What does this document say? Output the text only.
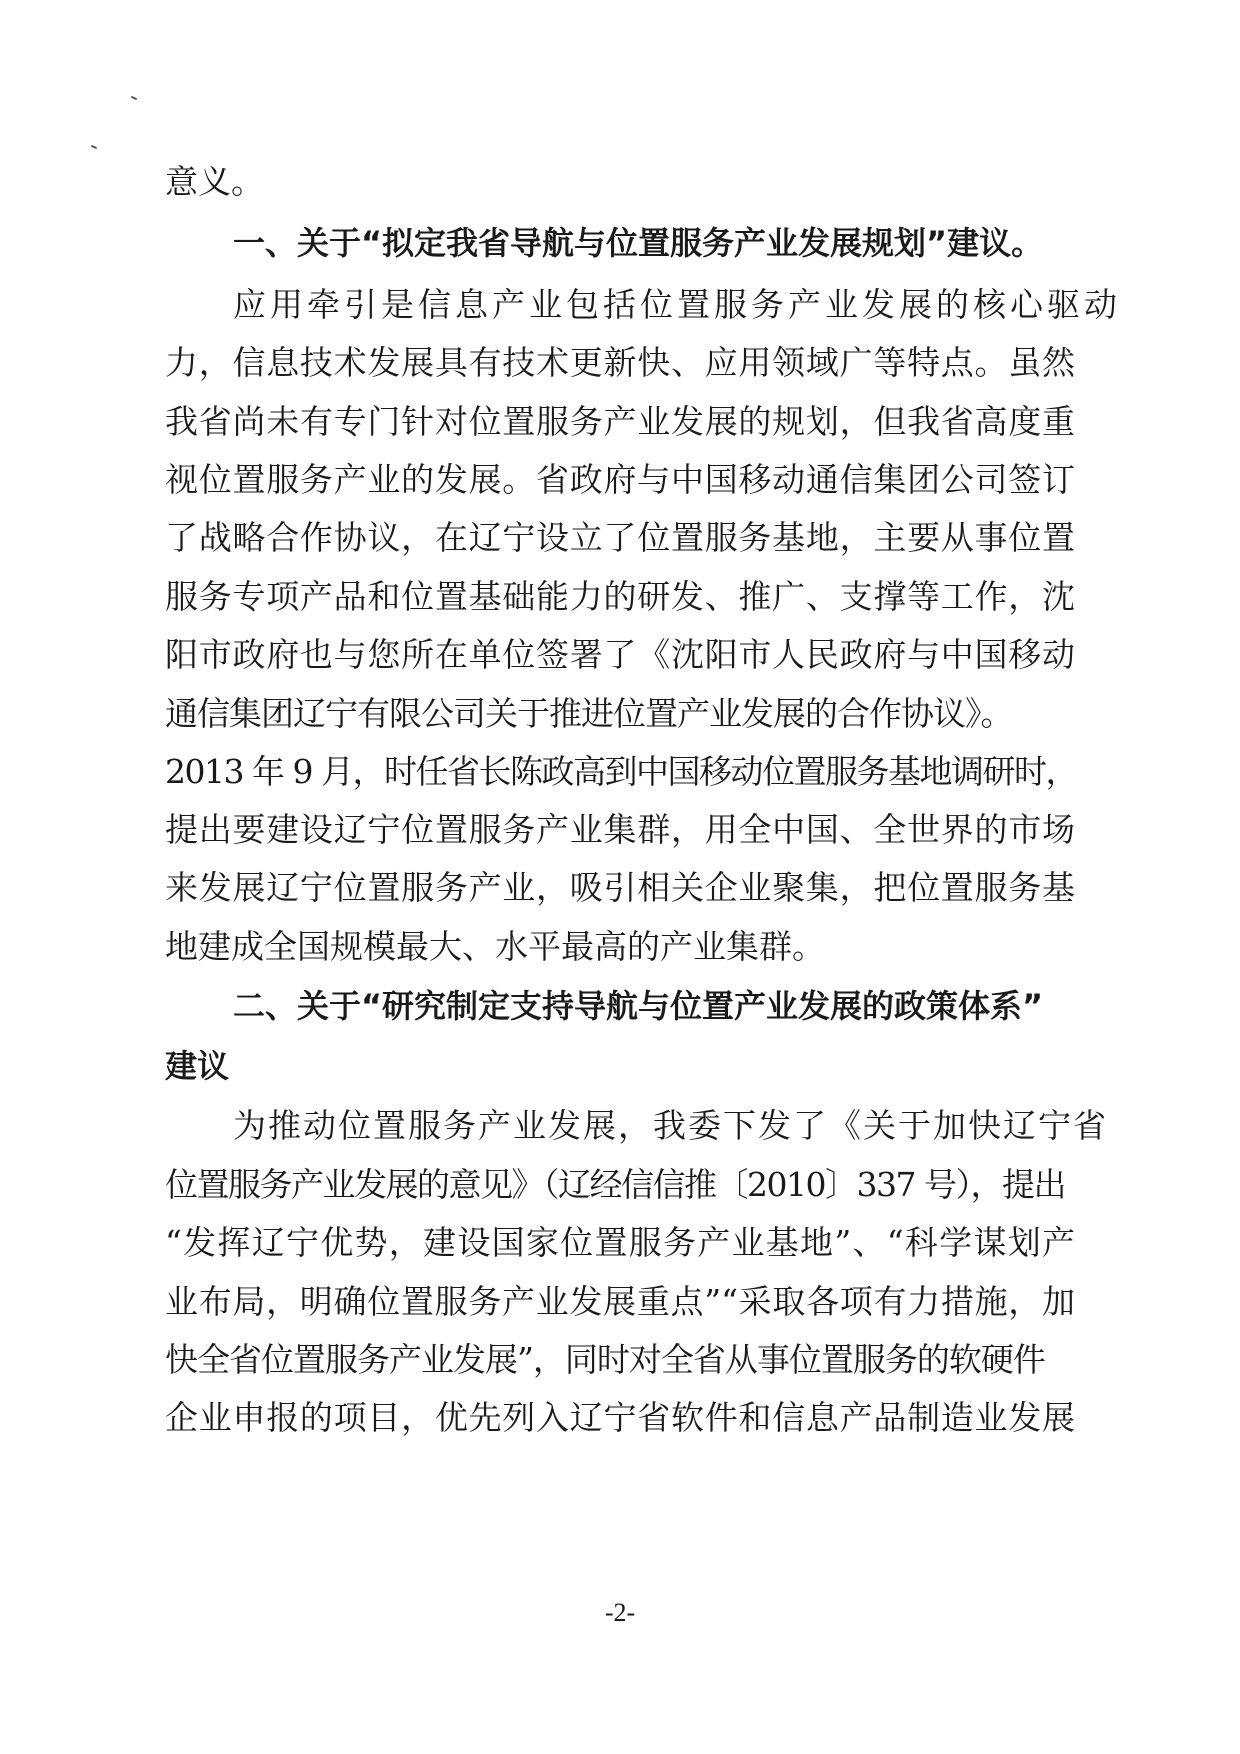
意义。
一、关于“拟定我省导航与位置服务产业发展规划”建议。
应用牵引是信息产业包括位置服务产业发展的核心驱动
力，信息技术发展具有技术更新快、应用领域广等特点。虽然
我省尚未有专门针对位置服务产业发展的规划，但我省高度重
视位置服务产业的发展。省政府与中国移动通信集团公司签订
了战略合作协议，在辽宁设立了位置服务基地，主要从事位置
服务专项产品和位置基础能力的研发、推广、支撑等工作，沈
阳市政府也与您所在单位签署了《沈阳市人民政府与中国移动
通信集团辽宁有限公司关于推进位置产业发展的合作协议》。
2013 年 9 月，时任省长陈政高到中国移动位置服务基地调研时，
提出要建设辽宁位置服务产业集群，用全中国、全世界的市场
来发展辽宁位置服务产业，吸引相关企业聚集，把位置服务基
地建成全国规模最大、水平最高的产业集群。
二、关于“研究制定支持导航与位置产业发展的政策体系”
建议
为推动位置服务产业发展，我委下发了《关于加快辽宁省
位置服务产业发展的意见》（辽经信信推〔2010〕337 号），提出
“发挥辽宁优势，建设国家位置服务产业基地”、“科学谋划产
业布局，明确位置服务产业发展重点”“采取各项有力措施，加
快全省位置服务产业发展”，同时对全省从事位置服务的软硬件
企业申报的项目，优先列入辽宁省软件和信息产品制造业发展
-2-
